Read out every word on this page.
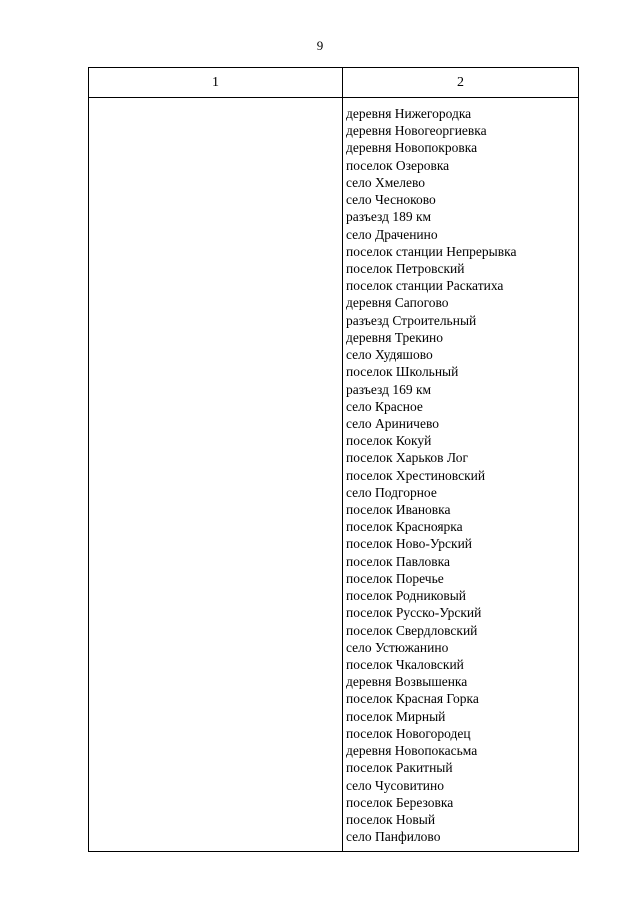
9
1	2
деревня Нижегородка
деревня Новогеоргиевка
деревня Новопокровка
поселок Озеровка
село Хмелево
село Чесноково
разъезд 189 км
село Драченино
поселок станции Непрерывка
поселок Петровский
поселок станции Раскатиха
деревня Сапогово
разъезд Строительный
деревня Трекино
село Худяшово
поселок Школьный
разъезд 169 км
село Красное
село Ариничево
поселок Кокуй
поселок Харьков Лог
поселок Хрестиновский
село Подгорное
поселок Ивановка
поселок Красноярка
поселок Ново-Урский
поселок Павловка
поселок Поречье
поселок Родниковый
поселок Русско-Урский
поселок Свердловский
село Устюжанино
поселок Чкаловский
деревня Возвышенка
поселок Красная Горка
поселок Мирный
поселок Новогородец
деревня Новопокасьма
поселок Ракитный
село Чусовитино
поселок Березовка
поселок Новый
село Панфилово
